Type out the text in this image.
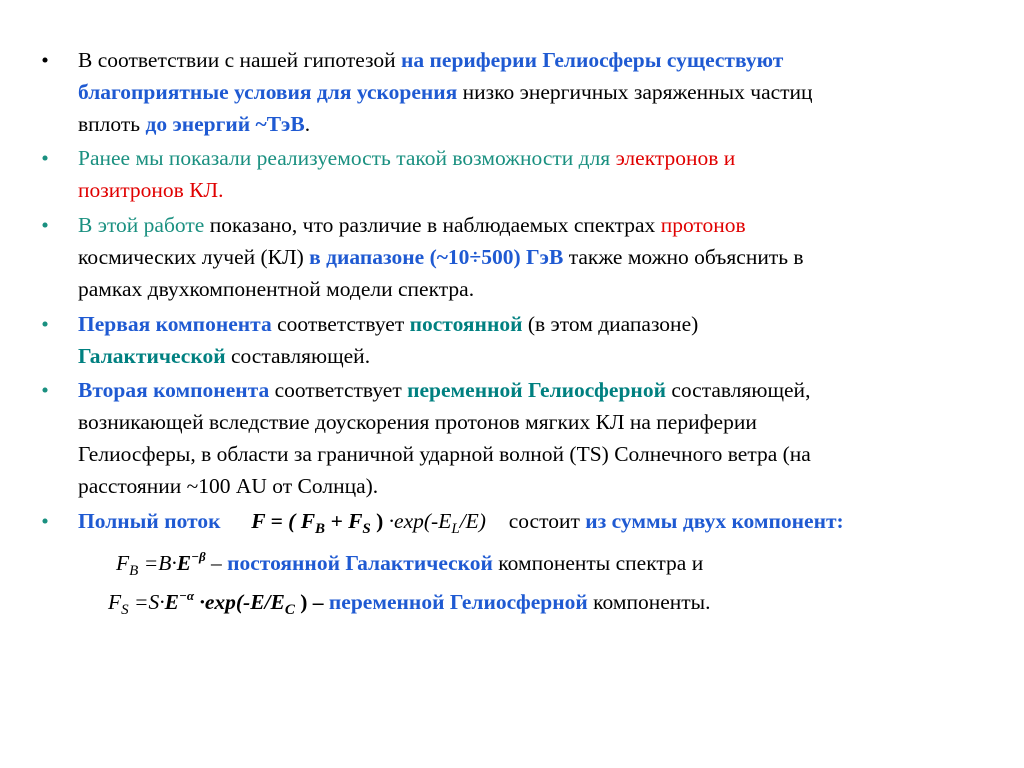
• В соответствии с нашей гипотезой на периферии Гелиосферы существуют
благоприятные условия для ускорения низко энергичных заряженных частиц
вплоть до энергий ~ТэВ.
• Ранее мы показали реализуемость такой возможности для электронов и
позитронов КЛ.
• В этой работе показано, что различие в наблюдаемых спектрах протонов
космических лучей (КЛ) в диапазоне (~10÷500) ГэВ также можно объяснить в
рамках двухкомпонентной модели спектра.
• Первая компонента соответствует постоянной (в этом диапазоне)
Галактической составляющей.
• Вторая компонента соответствует переменной Гелиосферной составляющей,
возникающей вследствие доускорения протонов мягких КЛ на периферии
Гелиосферы, в области за граничной ударной волной (TS) Солнечного ветра (на
расстоянии ~100 AU от Солнца).
• Полный поток F = ( $F_B + F_S$ ) $\cdot\exp(-E_L/E)$ состоит из суммы двух компонент:
$F_B =B\cdot E^{-\beta}$ – постоянной Галактической компоненты спектра и
$F_S =S\cdot E^{-\alpha} \cdot\exp(-E/E_C$ ) – переменной Гелиосферной компоненты.
